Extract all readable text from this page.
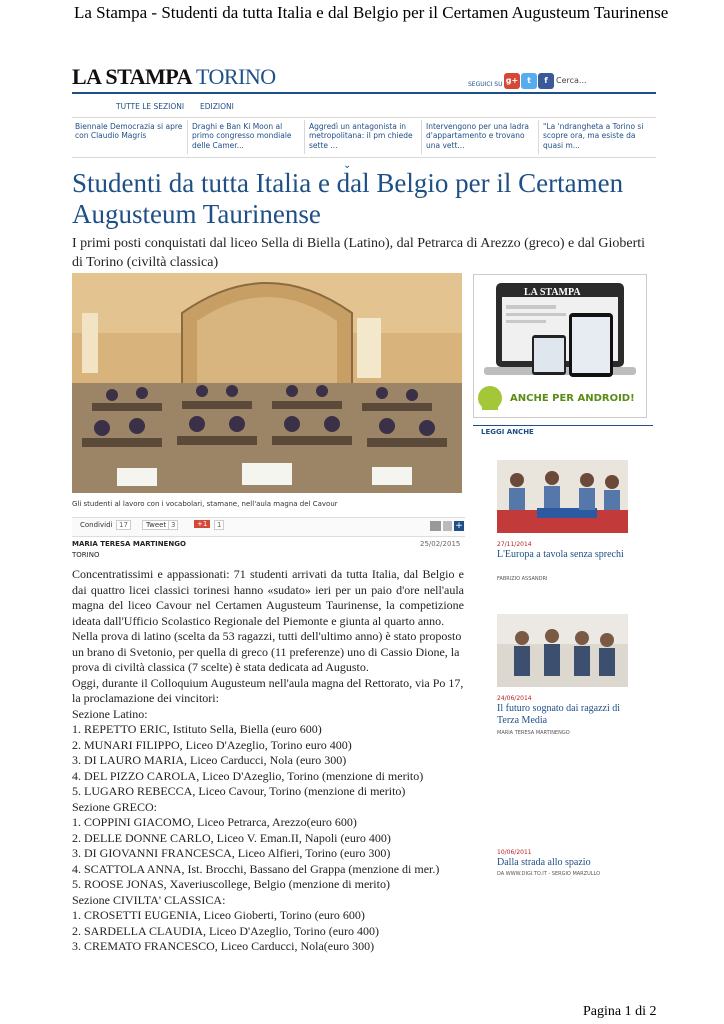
La Stampa - Studenti da tutta Italia e dal Belgio per il Certamen Augusteum Taurinense
LA STAMPA TORINO	SEGUICI SU g+	t	f	Cerca...
TUTTE LE SEZIONI EDIZIONI
Biennale Democrazia si apre con Claudio Magris
Draghi e Ban Ki Moon al primo congresso mondiale delle Camer...
Aggredì un antagonista in metropolitana: il pm chiede sette ...
Intervengono per una ladra d'appartamento e trovano una vett...
"La 'ndrangheta a Torino si scopre ora, ma esiste da quasi m...
⌄
Studenti da tutta Italia e dal Belgio per il Certamen Augusteum Taurinense
I primi posti conquistati dal liceo Sella di Biella (Latino), dal Petrarca di Arezzo (greco) e dal Gioberti di Torino (civiltà classica)
Gli studenti al lavoro con i vocabolari, stamane, nell'aula magna del Cavour
Condividi 17	Tweet 3	+1	1	+
MARIA TERESA MARTINENGO	25/02/2015
TORINO

Concentratissimi e appassionati: 71 studenti arrivati da tutta Italia, dal Belgio e dai quattro licei classici torinesi hanno «sudato» ieri per un paio d'ore nell'aula magna del liceo Cavour nel Certamen Augusteum Taurinense, la competizione ideata dall'Ufficio Scolastico Regionale del Piemonte e giunta al quarto anno.

Nella prova di latino (scelta da 53 ragazzi, tutti dell'ultimo anno) è stato proposto un brano di Svetonio, per quella di greco (11 preferenze) uno di Cassio Dione, la prova di civiltà classica (7 scelte) è stata dedicata ad Augusto.

Oggi, durante il Colloquium Augusteum nell'aula magna del Rettorato, via Po 17, la proclamazione dei vincitori:

Sezione Latino:

1. REPETTO ERIC, Istituto Sella, Biella (euro 600)

2. MUNARI FILIPPO, Liceo D'Azeglio, Torino euro 400)

3. DI LAURO MARIA, Liceo Carducci, Nola (euro 300)

4. DEL PIZZO CAROLA, Liceo D'Azeglio, Torino (menzione di merito)

5. LUGARO REBECCA, Liceo Cavour, Torino (menzione di merito)

Sezione GRECO:

1. COPPINI GIACOMO, Liceo Petrarca, Arezzo(euro 600)

2. DELLE DONNE CARLO, Liceo V. Eman.II, Napoli (euro 400)

3. DI GIOVANNI FRANCESCA, Liceo Alfieri, Torino (euro 300)

4. SCATTOLA ANNA, Ist. Brocchi, Bassano del Grappa (menzione di mer.)

5. ROOSE JONAS, Xaveriuscollege, Belgio (menzione di merito)

Sezione CIVILTA' CLASSICA:

1. CROSETTI EUGENIA, Liceo Gioberti, Torino (euro 600)

2. SARDELLA CLAUDIA, Liceo D'Azeglio, Torino (euro 400)

3. CREMATO FRANCESCO, Liceo Carducci, Nola(euro 300)

LA STAMPA
ANCHE PER ANDROID!
LEGGI ANCHE
27/11/2014
L'Europa a tavola senza sprechi
FABRIZIO ASSANDRI
24/06/2014
Il futuro sognato dai ragazzi di Terza Media
MARIA TERESA MARTINENGO
10/06/2011
Dalla strada allo spazio
DA WWW.DIGI.TO.IT - SERGIO MARZULLO
Pagina 1 di 2
